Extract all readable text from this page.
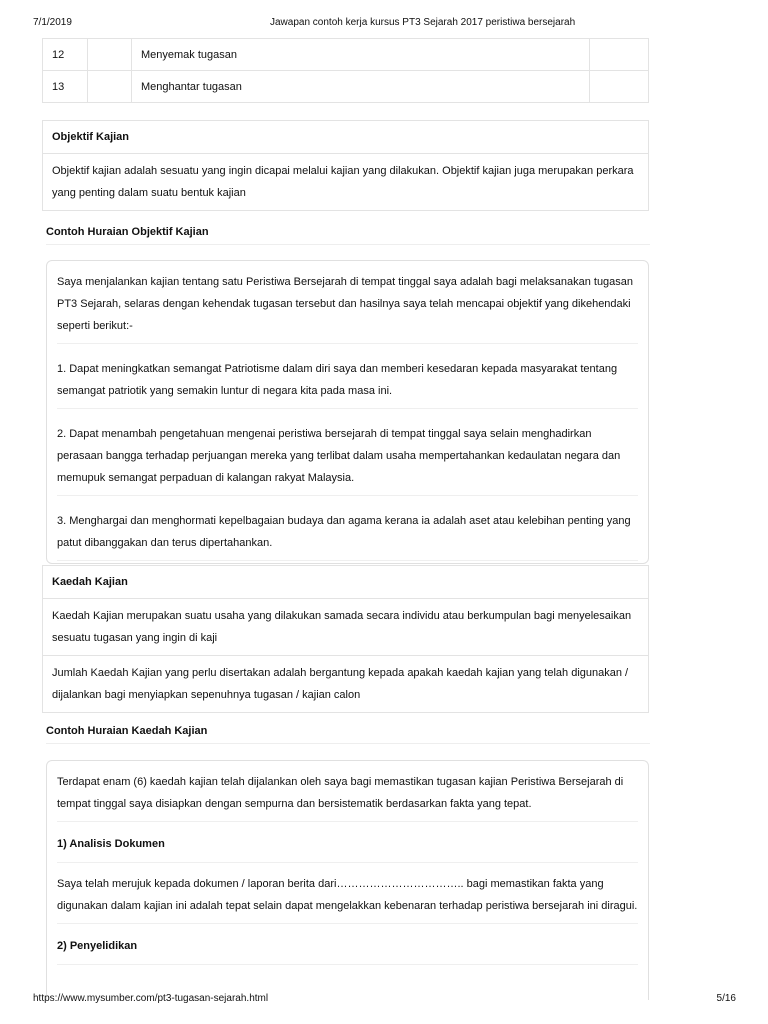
7/1/2019	Jawapan contoh kerja kursus PT3 Sejarah 2017 peristiwa bersejarah
12		Menyemak tugasan	
13		Menghantar tugasan	
Objektif Kajian
Objektif kajian adalah sesuatu yang ingin dicapai melalui kajian yang dilakukan. Objektif kajian juga merupakan perkara yang penting dalam suatu bentuk kajian
Contoh Huraian Objektif Kajian

Saya menjalankan kajian tentang satu Peristiwa Bersejarah di tempat tinggal saya adalah bagi melaksanakan tugasan PT3 Sejarah, selaras dengan kehendak tugasan tersebut dan hasilnya saya telah mencapai objektif yang dikehendaki seperti berikut:-

1. Dapat meningkatkan semangat Patriotisme dalam diri saya dan memberi kesedaran kepada masyarakat tentang semangat patriotik yang semakin luntur di negara kita pada masa ini.

2. Dapat menambah pengetahuan mengenai peristiwa bersejarah di tempat tinggal saya selain menghadirkan perasaan bangga terhadap perjuangan mereka yang terlibat dalam usaha mempertahankan kedaulatan negara dan memupuk semangat perpaduan di kalangan rakyat Malaysia.

3. Menghargai dan menghormati kepelbagaian budaya dan agama kerana ia adalah aset atau kelebihan penting yang patut dibanggakan dan terus dipertahankan.

Kaedah Kajian
Kaedah Kajian merupakan suatu usaha yang dilakukan samada secara individu atau berkumpulan bagi menyelesaikan sesuatu tugasan yang ingin di kaji
Jumlah Kaedah Kajian yang perlu disertakan adalah bergantung kepada apakah kaedah kajian yang telah digunakan / dijalankan bagi menyiapkan sepenuhnya tugasan / kajian calon
Contoh Huraian Kaedah Kajian

Terdapat enam (6) kaedah kajian telah dijalankan oleh saya bagi memastikan tugasan kajian Peristiwa Bersejarah di tempat tinggal saya disiapkan dengan sempurna dan bersistematik berdasarkan fakta yang tepat.

1) Analisis Dokumen

Saya telah merujuk kepada dokumen / laporan berita dari…………………………….. bagi memastikan fakta yang digunakan dalam kajian ini adalah tepat selain dapat mengelakkan kebenaran terhadap peristiwa bersejarah ini diragui.

2) Penyelidikan

https://www.mysumber.com/pt3-tugasan-sejarah.html	5/16
